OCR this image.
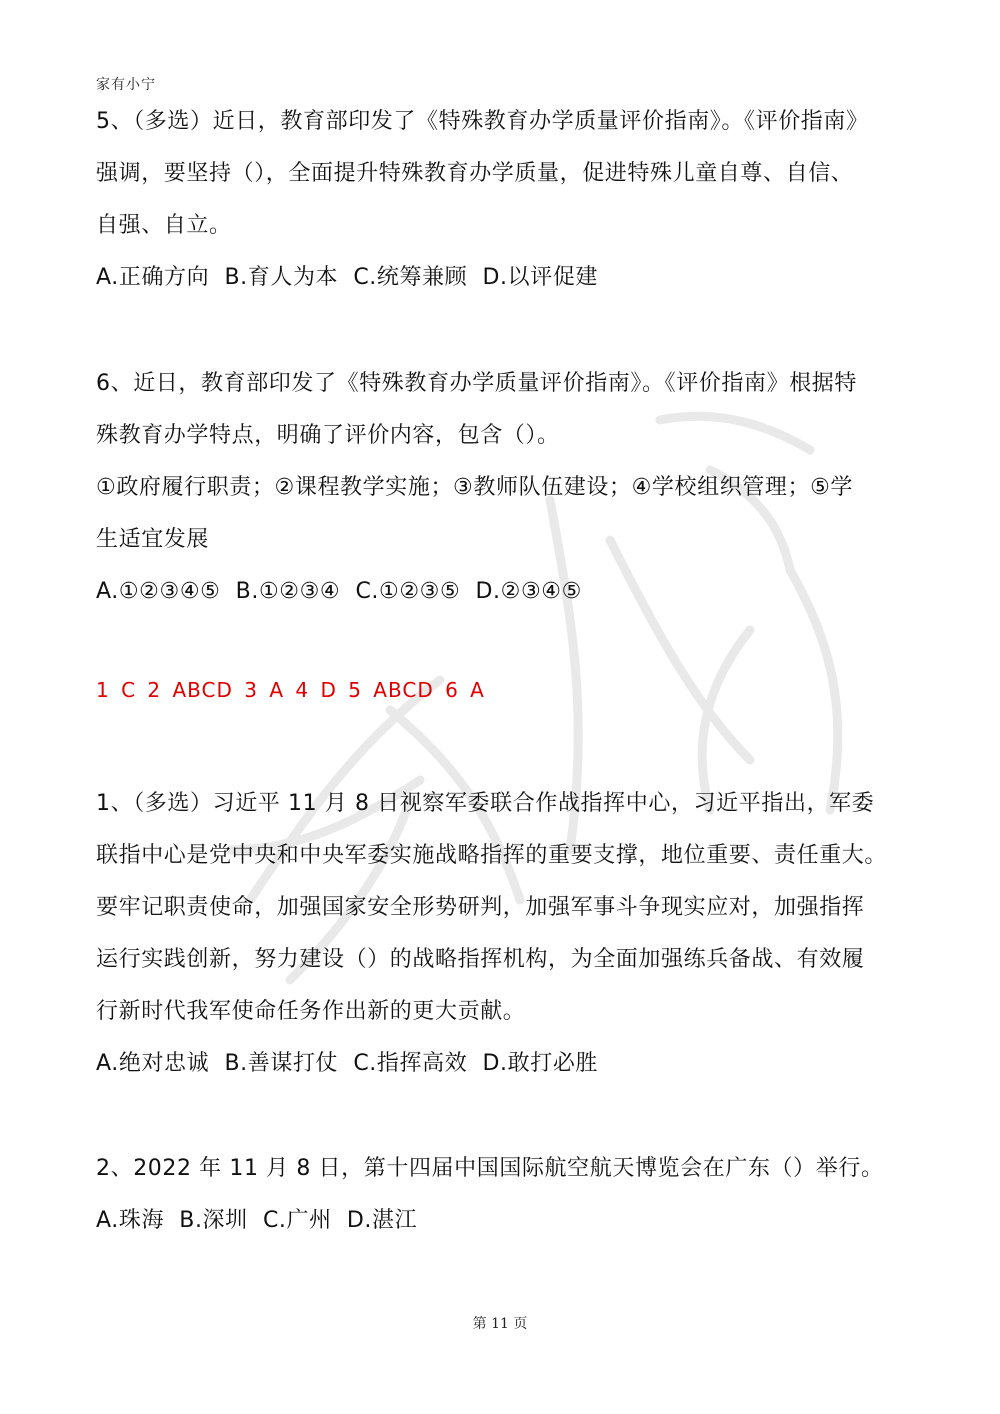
家有小宁

5、（多选）近日，教育部印发了《特殊教育办学质量评价指南》。《评价指南》

强调，要坚持（），全面提升特殊教育办学质量，促进特殊儿童自尊、自信、

自强、自立。

A.正确方向 B.育人为本 C.统筹兼顾 D.以评促建

6、近日，教育部印发了《特殊教育办学质量评价指南》。《评价指南》根据特

殊教育办学特点，明确了评价内容，包含（）。

①政府履行职责；②课程教学实施；③教师队伍建设；④学校组织管理；⑤学

生适宜发展

A.①②③④⑤ B.①②③④ C.①②③⑤ D.②③④⑤

1 C 2 ABCD 3 A 4 D 5 ABCD 6 A

1、（多选）习近平 11 月 8 日视察军委联合作战指挥中心，习近平指出，军委

联指中心是党中央和中央军委实施战略指挥的重要支撑，地位重要、责任重大。

要牢记职责使命，加强国家安全形势研判，加强军事斗争现实应对，加强指挥

运行实践创新，努力建设（）的战略指挥机构，为全面加强练兵备战、有效履

行新时代我军使命任务作出新的更大贡献。

A.绝对忠诚 B.善谋打仗 C.指挥高效 D.敢打必胜

2、2022 年 11 月 8 日，第十四届中国国际航空航天博览会在广东（）举行。

A.珠海 B.深圳 C.广州 D.湛江

第 11 页
